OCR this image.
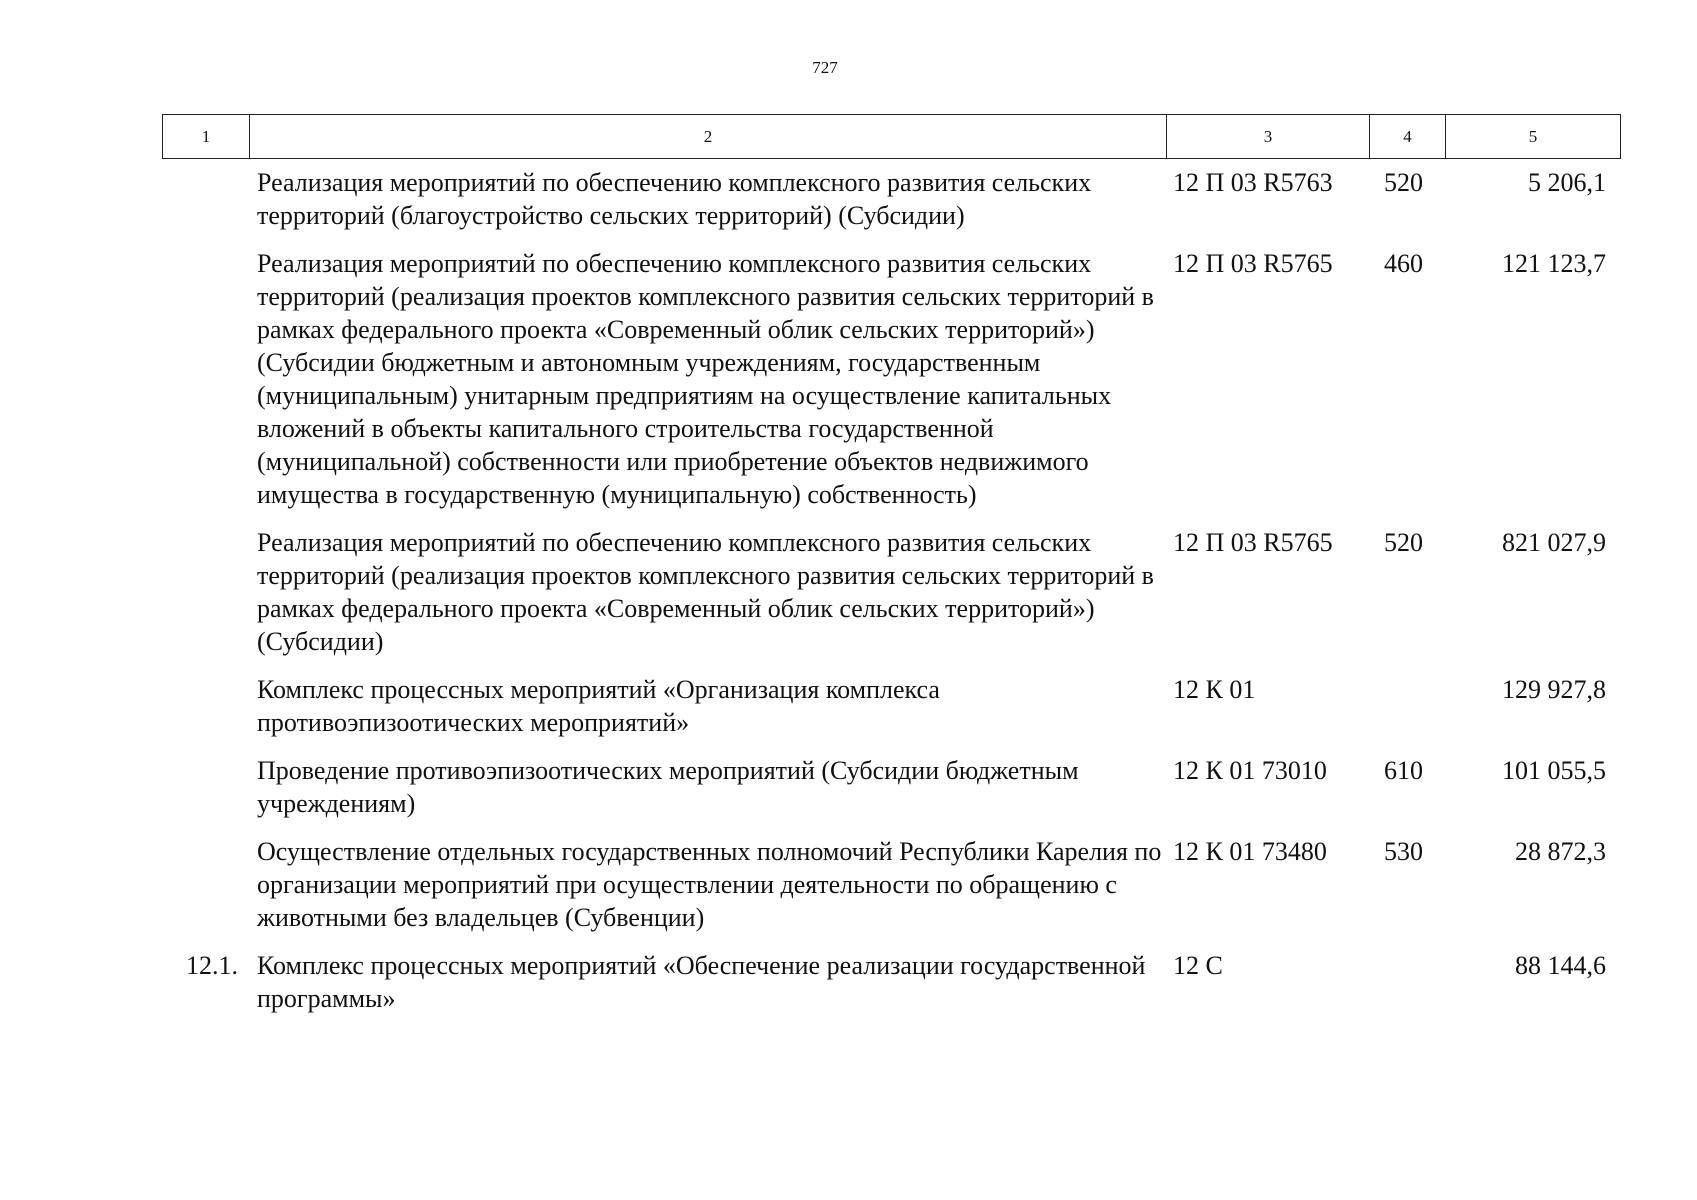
727
1	2	3	4	5
	Реализация мероприятий по обеспечению комплексного развития сельских территорий (благоустройство сельских территорий) (Субсидии)	12 П 03 R5763	520	5 206,1
	Реализация мероприятий по обеспечению комплексного развития сельских территорий (реализация проектов комплексного развития сельских территорий в рамках федерального проекта «Современный облик сельских территорий») (Субсидии бюджетным и автономным учреждениям, государственным (муниципальным) унитарным предприятиям на осуществление капитальных вложений в объекты капитального строительства государственной (муниципальной) собственности или приобретение объектов недвижимого имущества в государственную (муниципальную) собственность)	12 П 03 R5765	460	121 123,7
	Реализация мероприятий по обеспечению комплексного развития сельских территорий (реализация проектов комплексного развития сельских территорий в рамках федерального проекта «Современный облик сельских территорий») (Субсидии)	12 П 03 R5765	520	821 027,9
	Комплекс процессных мероприятий «Организация комплекса противоэпизоотических мероприятий»	12 К 01		129 927,8
	Проведение противоэпизоотических мероприятий (Субсидии бюджетным учреждениям)	12 К 01 73010	610	101 055,5
	Осуществление отдельных государственных полномочий Республики Карелия по организации мероприятий при осуществлении деятельности по обращению с животными без владельцев (Субвенции)	12 К 01 73480	530	28 872,3
12.1.	Комплекс процессных мероприятий «Обеспечение реализации государственной программы»	12 С		88 144,6
